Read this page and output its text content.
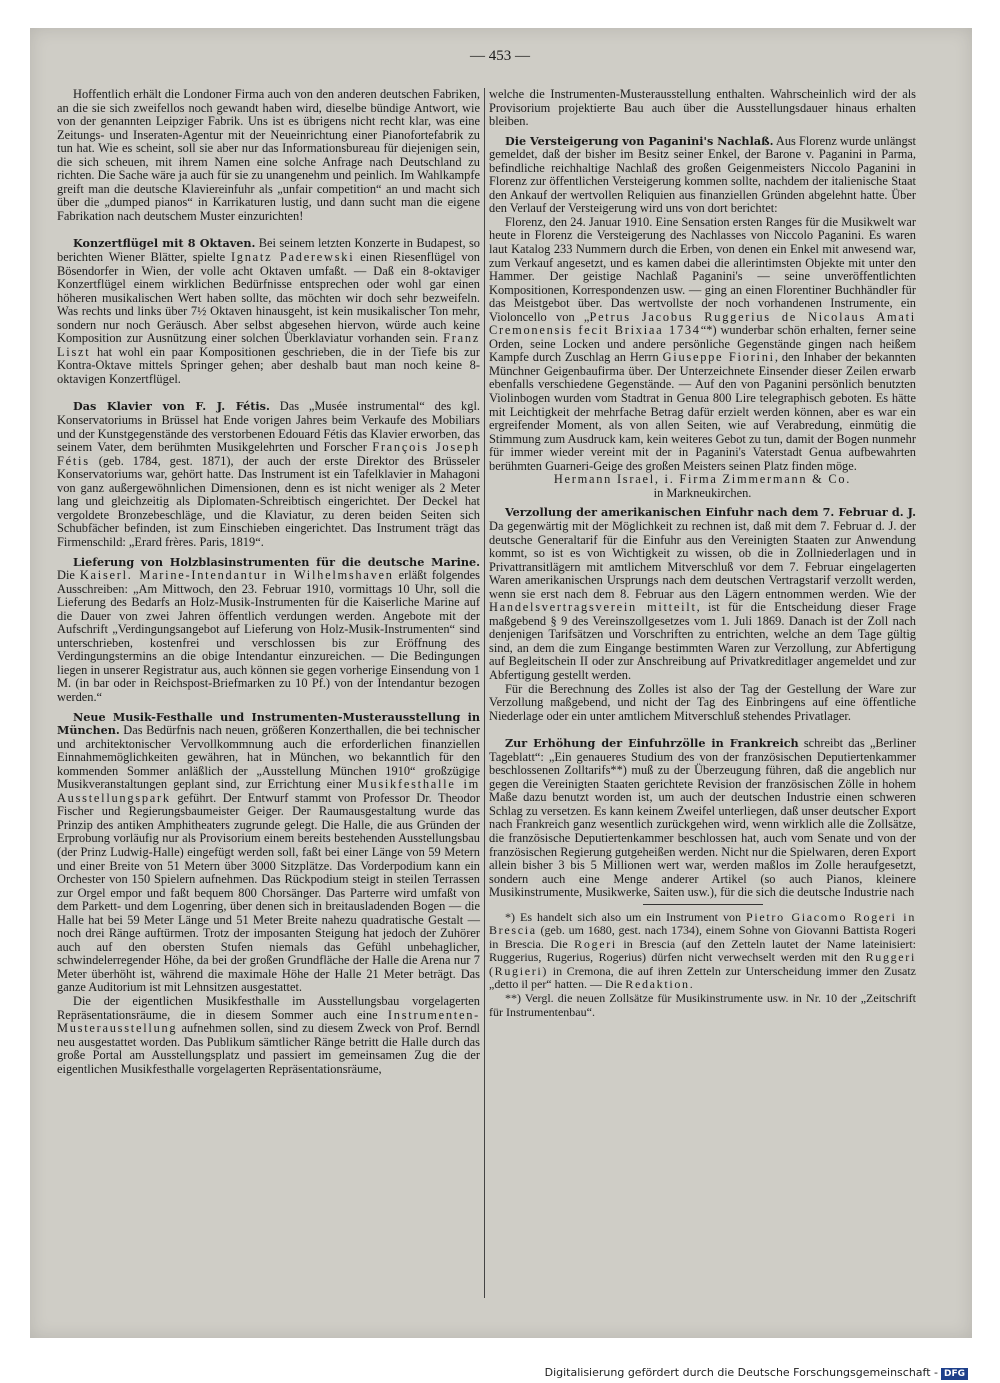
— 453 —

Hoffentlich erhält die Londoner Firma auch von den anderen deutschen Fabriken, an die sie sich zweifellos noch gewandt haben wird, dieselbe bündige Antwort, wie von der genannten Leipziger Fabrik. Uns ist es übrigens nicht recht klar, was eine Zeitungs- und Inseraten-Agentur mit der Neueinrichtung einer Pianofortefabrik zu tun hat. Wie es scheint, soll sie aber nur das Informationsbureau für diejenigen sein, die sich scheuen, mit ihrem Namen eine solche Anfrage nach Deutschland zu richten. Die Sache wäre ja auch für sie zu unangenehm und peinlich. Im Wahlkampfe greift man die deutsche Klaviereinfuhr als „unfair competition“ an und macht sich über die „dumped pianos“ in Karrikaturen lustig, und dann sucht man die eigene Fabrikation nach deutschem Muster einzurichten!

Konzertflügel mit 8 Oktaven. Bei seinem letzten Konzerte in Budapest, so berichten Wiener Blätter, spielte Ignatz Paderewski einen Riesenflügel von Bösendorfer in Wien, der volle acht Oktaven umfaßt. — Daß ein 8-oktaviger Konzertflügel einem wirklichen Bedürfnisse entsprechen oder wohl gar einen höheren musikalischen Wert haben sollte, das möchten wir doch sehr bezweifeln. Was rechts und links über 7½ Oktaven hinausgeht, ist kein musikalischer Ton mehr, sondern nur noch Geräusch. Aber selbst abgesehen hiervon, würde auch keine Komposition zur Ausnützung einer solchen Überklaviatur vorhanden sein. Franz Liszt hat wohl ein paar Kompositionen geschrieben, die in der Tiefe bis zur Kontra-Oktave mittels Springer gehen; aber deshalb baut man noch keine 8-oktavigen Konzertflügel.

Das Klavier von F. J. Fétis. Das „Musée instrumental“ des kgl. Konservatoriums in Brüssel hat Ende vorigen Jahres beim Verkaufe des Mobiliars und der Kunstgegenstände des verstorbenen Edouard Fétis das Klavier erworben, das seinem Vater, dem berühmten Musikgelehrten und Forscher François Joseph Fétis (geb. 1784, gest. 1871), der auch der erste Direktor des Brüsseler Konservatoriums war, gehört hatte. Das Instrument ist ein Tafelklavier in Mahagoni von ganz außergewöhnlichen Dimensionen, denn es ist nicht weniger als 2 Meter lang und gleichzeitig als Diplomaten-Schreibtisch eingerichtet. Der Deckel hat vergoldete Bronzebeschläge, und die Klaviatur, zu deren beiden Seiten sich Schubfächer befinden, ist zum Einschieben eingerichtet. Das Instrument trägt das Firmenschild: „Erard frères. Paris, 1819“.

Lieferung von Holzblasinstrumenten für die deutsche Marine. Die Kaiserl. Marine-Intendantur in Wilhelmshaven erläßt folgendes Ausschreiben: „Am Mittwoch, den 23. Februar 1910, vormittags 10 Uhr, soll die Lieferung des Bedarfs an Holz-Musik-Instrumenten für die Kaiserliche Marine auf die Dauer von zwei Jahren öffentlich verdungen werden. Angebote mit der Aufschrift „Verdingungsangebot auf Lieferung von Holz-Musik-Instrumenten“ sind unterschrieben, kostenfrei und verschlossen bis zur Eröffnung des Verdingungstermins an die obige Intendantur einzureichen. — Die Bedingungen liegen in unserer Registratur aus, auch können sie gegen vorherige Einsendung von 1 M. (in bar oder in Reichspost-Briefmarken zu 10 Pf.) von der Intendantur bezogen werden.“

Neue Musik-Festhalle und Instrumenten-Musterausstellung in München. Das Bedürfnis nach neuen, größeren Konzerthallen, die bei technischer und architektonischer Vervollkommnung auch die erforderlichen finanziellen Einnahmemöglichkeiten gewähren, hat in München, wo bekanntlich für den kommenden Sommer anläßlich der „Ausstellung München 1910“ großzügige Musikveranstaltungen geplant sind, zur Errichtung einer Musikfesthalle im Ausstellungspark geführt. Der Entwurf stammt von Professor Dr. Theodor Fischer und Regierungsbaumeister Geiger. Der Raumausgestaltung wurde das Prinzip des antiken Amphitheaters zugrunde gelegt. Die Halle, die aus Gründen der Erprobung vorläufig nur als Provisorium einem bereits bestehenden Ausstellungsbau (der Prinz Ludwig-Halle) eingefügt werden soll, faßt bei einer Länge von 59 Metern und einer Breite von 51 Metern über 3000 Sitzplätze. Das Vorderpodium kann ein Orchester von 150 Spielern aufnehmen. Das Rückpodium steigt in steilen Terrassen zur Orgel empor und faßt bequem 800 Chorsänger. Das Parterre wird umfaßt von dem Parkett- und dem Logenring, über denen sich in breitausladenden Bogen — die Halle hat bei 59 Meter Länge und 51 Meter Breite nahezu quadratische Gestalt — noch drei Ränge auftürmen. Trotz der imposanten Steigung hat jedoch der Zuhörer auch auf den obersten Stufen niemals das Gefühl unbehaglicher, schwindelerregender Höhe, da bei der großen Grundfläche der Halle die Arena nur 7 Meter überhöht ist, während die maximale Höhe der Halle 21 Meter beträgt. Das ganze Auditorium ist mit Lehnsitzen ausgestattet.

Die der eigentlichen Musikfesthalle im Ausstellungsbau vorgelagerten Repräsentationsräume, die in diesem Sommer auch eine Instrumenten-Musterausstellung aufnehmen sollen, sind zu diesem Zweck von Prof. Berndl neu ausgestattet worden. Das Publikum sämtlicher Ränge betritt die Halle durch das große Portal am Ausstellungsplatz und passiert im gemeinsamen Zug die der eigentlichen Musikfesthalle vorgelagerten Repräsentationsräume,

welche die Instrumenten-Musterausstellung enthalten. Wahrscheinlich wird der als Provisorium projektierte Bau auch über die Ausstellungsdauer hinaus erhalten bleiben.

Die Versteigerung von Paganini's Nachlaß. Aus Florenz wurde unlängst gemeldet, daß der bisher im Besitz seiner Enkel, der Barone v. Paganini in Parma, befindliche reichhaltige Nachlaß des großen Geigenmeisters Niccolo Paganini in Florenz zur öffentlichen Versteigerung kommen sollte, nachdem der italienische Staat den Ankauf der wertvollen Reliquien aus finanziellen Gründen abgelehnt hatte. Über den Verlauf der Versteigerung wird uns von dort berichtet:

Florenz, den 24. Januar 1910. Eine Sensation ersten Ranges für die Musikwelt war heute in Florenz die Versteigerung des Nachlasses von Niccolo Paganini. Es waren laut Katalog 233 Nummern durch die Erben, von denen ein Enkel mit anwesend war, zum Verkauf angesetzt, und es kamen dabei die allerintimsten Objekte mit unter den Hammer. Der geistige Nachlaß Paganini's — seine unveröffentlichten Kompositionen, Korrespondenzen usw. — ging an einen Florentiner Buchhändler für das Meistgebot über. Das wertvollste der noch vorhandenen Instrumente, ein Violoncello von „Petrus Jacobus Ruggerius de Nicolaus Amati Cremonensis fecit Brixiaa 1734“*) wunderbar schön erhalten, ferner seine Orden, seine Locken und andere persönliche Gegenstände gingen nach heißem Kampfe durch Zuschlag an Herrn Giuseppe Fiorini, den Inhaber der bekannten Münchner Geigenbaufirma über. Der Unterzeichnete Einsender dieser Zeilen erwarb ebenfalls verschiedene Gegenstände. — Auf den von Paganini persönlich benutzten Violinbogen wurden vom Stadtrat in Genua 800 Lire telegraphisch geboten. Es hätte mit Leichtigkeit der mehrfache Betrag dafür erzielt werden können, aber es war ein ergreifender Moment, als von allen Seiten, wie auf Verabredung, einmütig die Stimmung zum Ausdruck kam, kein weiteres Gebot zu tun, damit der Bogen nunmehr für immer wieder vereint mit der in Paganini's Vaterstadt Genua aufbewahrten berühmten Guarneri-Geige des großen Meisters seinen Platz finden möge.

Hermann Israel, i. Firma Zimmermann & Co.

in Markneukirchen.

Verzollung der amerikanischen Einfuhr nach dem 7. Februar d. J. Da gegenwärtig mit der Möglichkeit zu rechnen ist, daß mit dem 7. Februar d. J. der deutsche Generaltarif für die Einfuhr aus den Vereinigten Staaten zur Anwendung kommt, so ist es von Wichtigkeit zu wissen, ob die in Zollniederlagen und in Privattransitlägern mit amtlichem Mitverschluß vor dem 7. Februar eingelagerten Waren amerikanischen Ursprungs nach dem deutschen Vertragstarif verzollt werden, wenn sie erst nach dem 8. Februar aus den Lägern entnommen werden. Wie der Handelsvertragsverein mitteilt, ist für die Entscheidung dieser Frage maßgebend § 9 des Vereinszollgesetzes vom 1. Juli 1869. Danach ist der Zoll nach denjenigen Tarifsätzen und Vorschriften zu entrichten, welche an dem Tage gültig sind, an dem die zum Eingange bestimmten Waren zur Verzollung, zur Abfertigung auf Begleitschein II oder zur Anschreibung auf Privatkreditlager angemeldet und zur Abfertigung gestellt werden.

Für die Berechnung des Zolles ist also der Tag der Gestellung der Ware zur Verzollung maßgebend, und nicht der Tag des Einbringens auf eine öffentliche Niederlage oder ein unter amtlichem Mitverschluß stehendes Privatlager.

Zur Erhöhung der Einfuhrzölle in Frankreich schreibt das „Berliner Tageblatt“: „Ein genaueres Studium des von der französischen Deputiertenkammer beschlossenen Zolltarifs**) muß zu der Überzeugung führen, daß die angeblich nur gegen die Vereinigten Staaten gerichtete Revision der französischen Zölle in hohem Maße dazu benutzt worden ist, um auch der deutschen Industrie einen schweren Schlag zu versetzen. Es kann keinem Zweifel unterliegen, daß unser deutscher Export nach Frankreich ganz wesentlich zurückgehen wird, wenn wirklich alle die Zollsätze, die französische Deputiertenkammer beschlossen hat, auch vom Senate und von der französischen Regierung gutgeheißen werden. Nicht nur die Spielwaren, deren Export allein bisher 3 bis 5 Millionen wert war, werden maßlos im Zolle heraufgesetzt, sondern auch eine Menge anderer Artikel (so auch Pianos, kleinere Musikinstrumente, Musikwerke, Saiten usw.), für die sich die deutsche Industrie nach

*) Es handelt sich also um ein Instrument von Pietro Giacomo Rogeri in Brescia (geb. um 1680, gest. nach 1734), einem Sohne von Giovanni Battista Rogeri in Brescia. Die Rogeri in Brescia (auf den Zetteln lautet der Name lateinisiert: Ruggerius, Rugerius, Rogerius) dürfen nicht verwechselt werden mit den Ruggeri (Rugieri) in Cremona, die auf ihren Zetteln zur Unterscheidung immer den Zusatz „detto il per“ hatten. — Die Redaktion.

**) Vergl. die neuen Zollsätze für Musikinstrumente usw. in Nr. 10 der „Zeitschrift für Instrumentenbau“.

Digitalisierung gefördert durch die Deutsche Forschungsgemeinschaft - DFG
